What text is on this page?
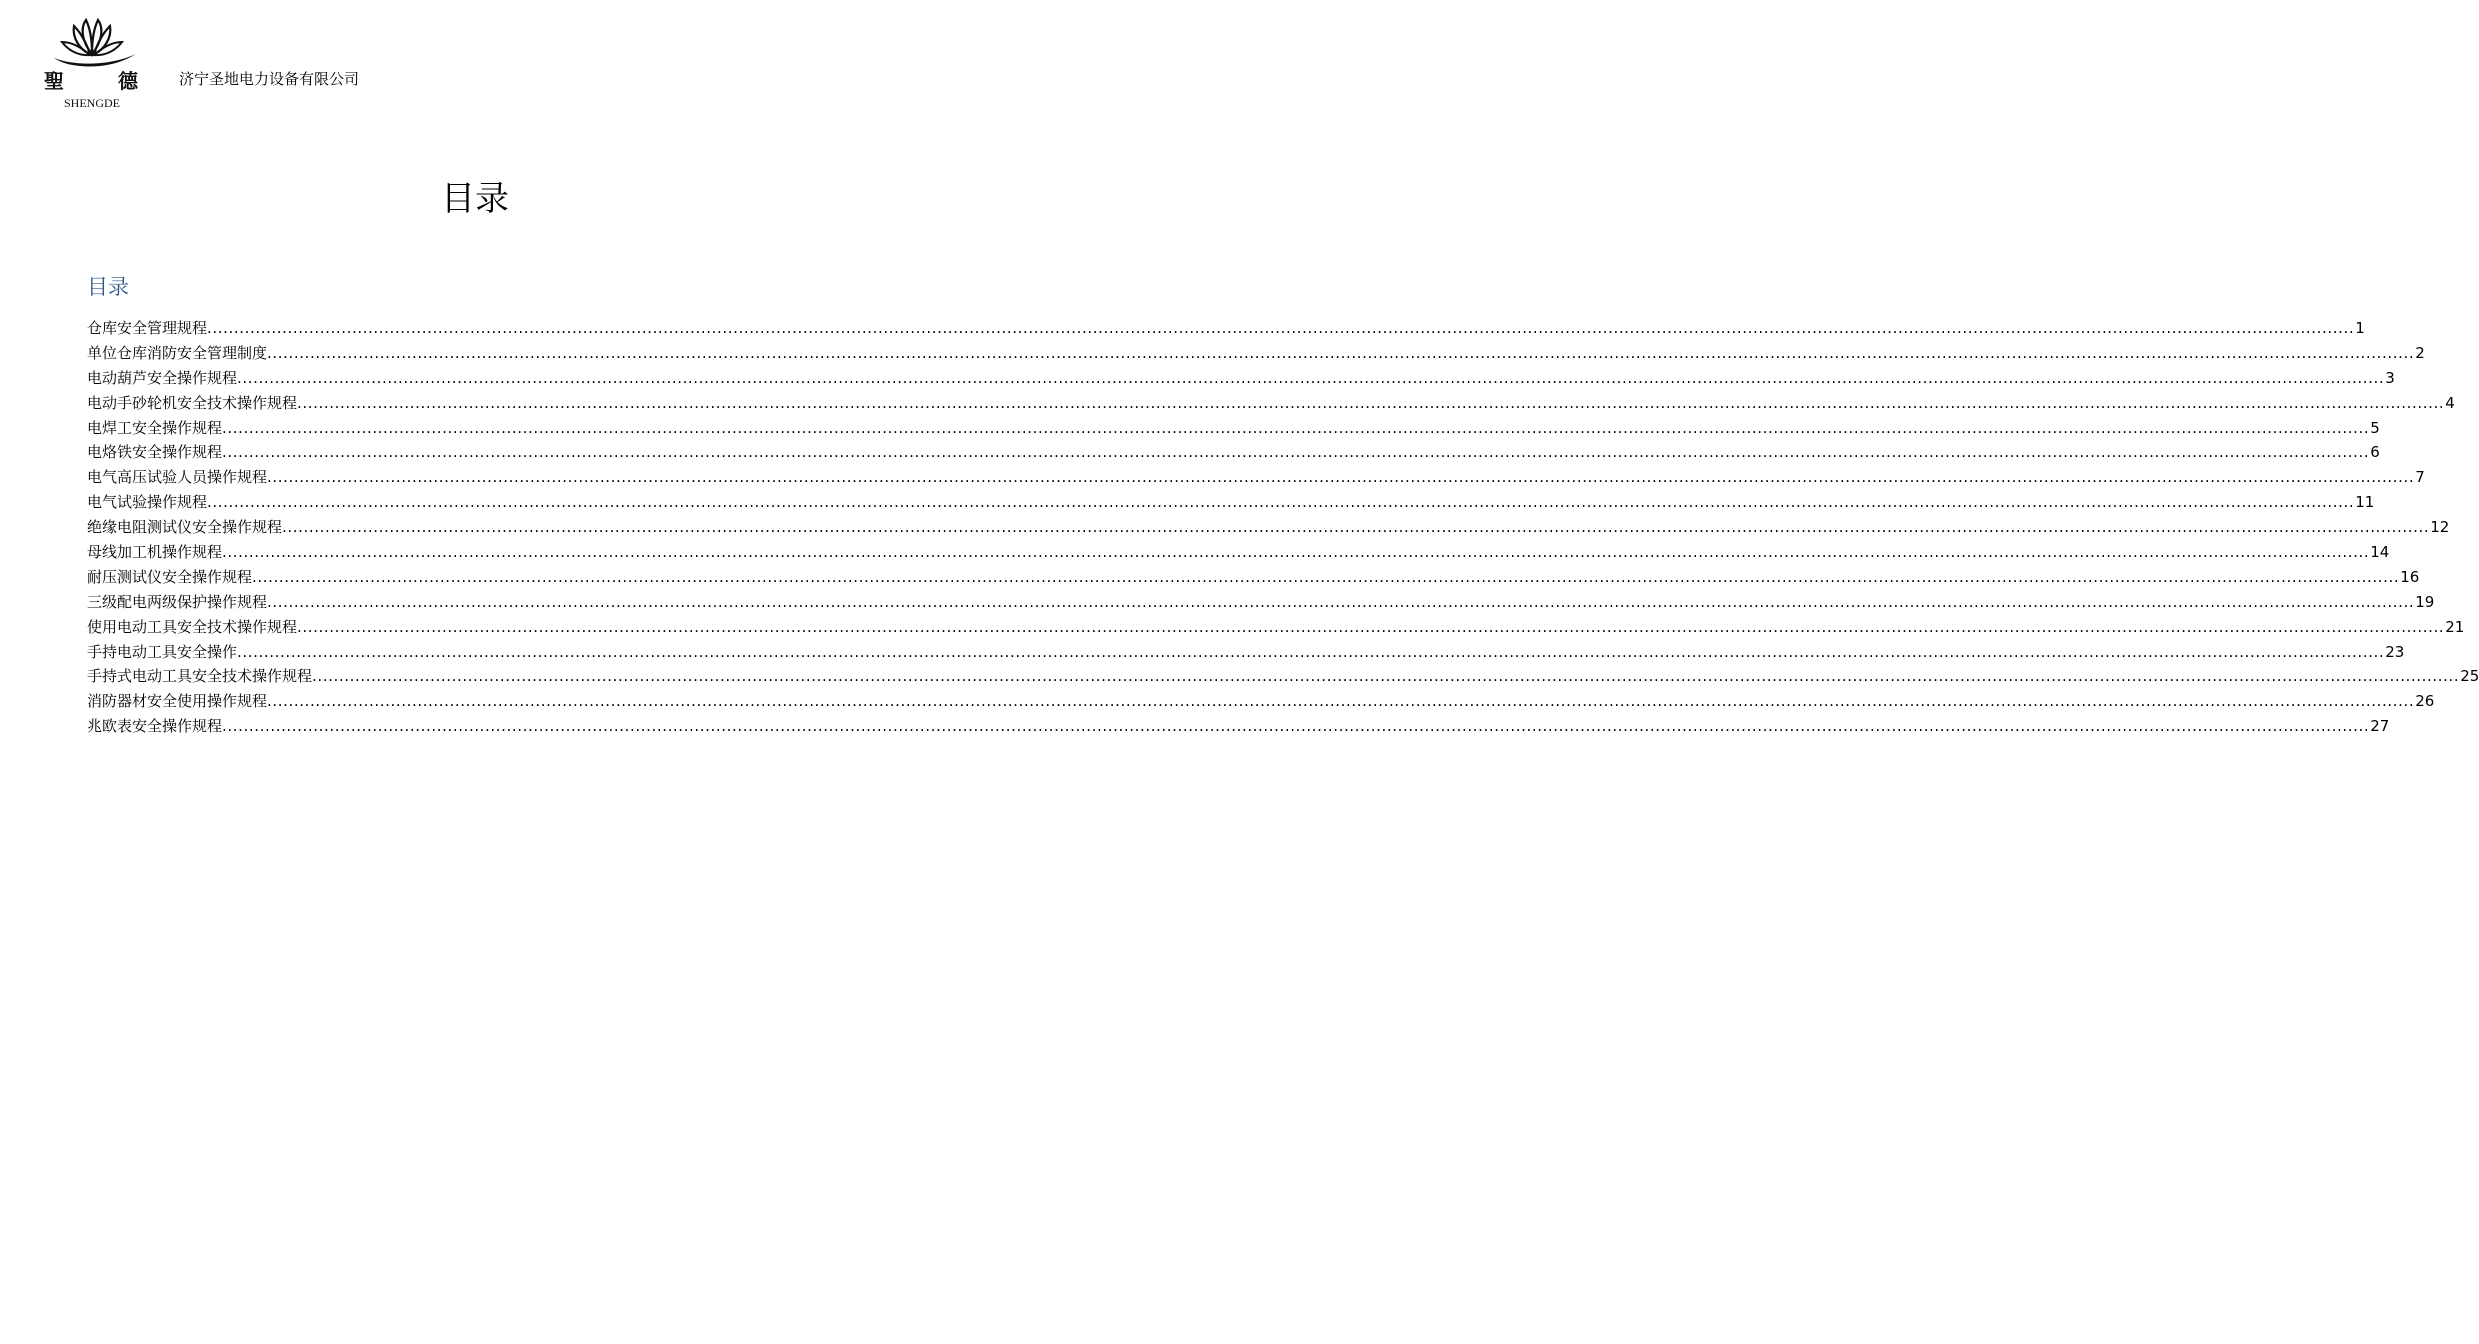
聖	德
SHENGDE
济宁圣地电力设备有限公司
目录
目录
仓库安全管理规程 ................................................................................................................................................................................................................................................................................................................................................................................................................ 1
单位仓库消防安全管理制度 ................................................................................................................................................................................................................................................................................................................................................................................................................ 2
电动葫芦安全操作规程 ................................................................................................................................................................................................................................................................................................................................................................................................................ 3
电动手砂轮机安全技术操作规程 ................................................................................................................................................................................................................................................................................................................................................................................................................ 4
电焊工安全操作规程 ................................................................................................................................................................................................................................................................................................................................................................................................................ 5
电烙铁安全操作规程 ................................................................................................................................................................................................................................................................................................................................................................................................................ 6
电气高压试验人员操作规程 ................................................................................................................................................................................................................................................................................................................................................................................................................ 7
电气试验操作规程 ................................................................................................................................................................................................................................................................................................................................................................................................................ 11
绝缘电阻测试仪安全操作规程 ................................................................................................................................................................................................................................................................................................................................................................................................................ 12
母线加工机操作规程 ................................................................................................................................................................................................................................................................................................................................................................................................................ 14
耐压测试仪安全操作规程 ................................................................................................................................................................................................................................................................................................................................................................................................................ 16
三级配电两级保护操作规程 ................................................................................................................................................................................................................................................................................................................................................................................................................ 19
使用电动工具安全技术操作规程 ................................................................................................................................................................................................................................................................................................................................................................................................................ 21
手持电动工具安全操作 ................................................................................................................................................................................................................................................................................................................................................................................................................ 23
手持式电动工具安全技术操作规程 ................................................................................................................................................................................................................................................................................................................................................................................................................ 25
消防器材安全使用操作规程 ................................................................................................................................................................................................................................................................................................................................................................................................................ 26
兆欧表安全操作规程 ................................................................................................................................................................................................................................................................................................................................................................................................................ 27
